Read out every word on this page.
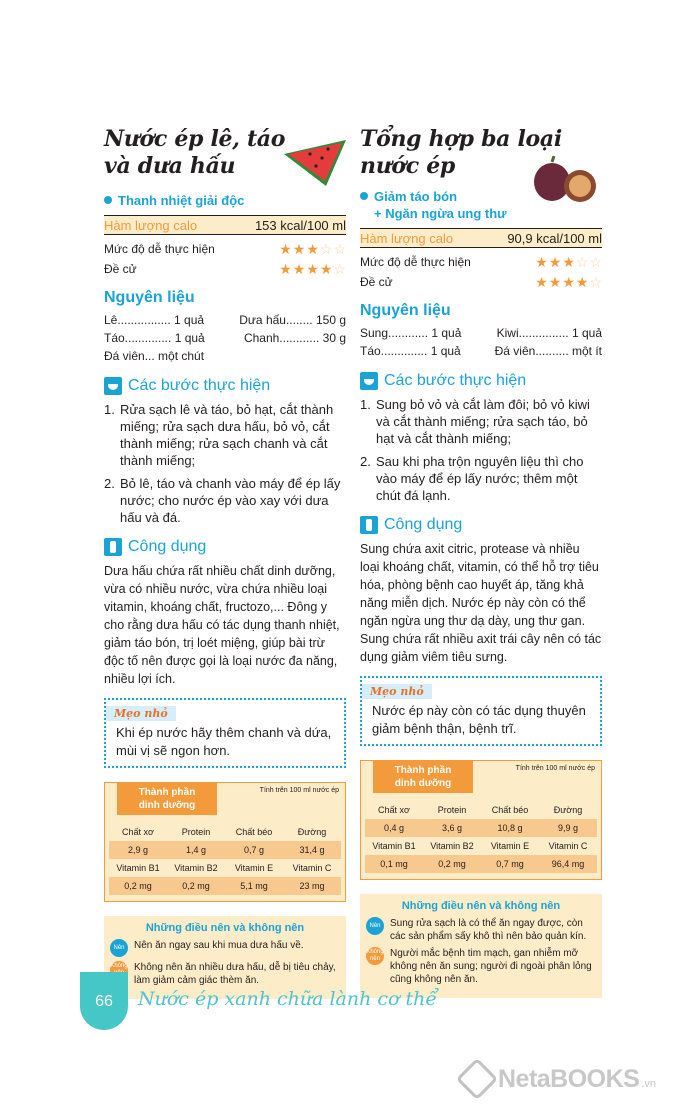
Nước ép lê, táo
và dưa hấu
Thanh nhiệt giải độc
Hàm lượng calo	153 kcal/100 ml
Mức độ dễ thực hiện	★ ★ ★ ☆ ☆
Đề cử	★ ★ ★ ★ ☆
Nguyên liệu
Lê................ 1 quả	Dưa hấu........ 150 g
Táo.............. 1 quả	Chanh............ 30 g
Đá viên... một chút
Các bước thực hiện
1. Rửa sạch lê và táo, bỏ hạt, cắt thành miếng; rửa sạch dưa hấu, bỏ vỏ, cắt thành miếng; rửa sạch chanh và cắt thành miếng;
2. Bỏ lê, táo và chanh vào máy để ép lấy nước; cho nước ép vào xay với dưa hấu và đá.
Công dụng
Dưa hấu chứa rất nhiều chất dinh dưỡng, vừa có nhiều nước, vừa chứa nhiều loại vitamin, khoáng chất, fructozo,... Đông y cho rằng dưa hấu có tác dụng thanh nhiệt, giảm táo bón, trị loét miệng, giúp bài trừ độc tố nên được gọi là loại nước đa năng, nhiều lợi ích.
Mẹo nhỏ
Khi ép nước hãy thêm chanh và dứa, mùi vị sẽ ngon hơn.
Thành phần
dinh dưỡng
Tính trên 100 ml nước ép
Chất xơ	Protein	Chất béo	Đường
2,9 g	1,4 g	0,7 g	31,4 g
Vitamin B1	Vitamin B2	Vitamin E	Vitamin C
0,2 mg	0,2 mg	5,1 mg	23 mg
Những điều nên và không nên
Nên Nên ăn ngay sau khi mua dưa hấu về.
Không Không nên ăn nhiều dưa hấu, dễ bị tiêu chảy, làm giảm cảm giác thèm ăn.
Tổng hợp ba loại nước ép
Giảm táo bón
+ Ngăn ngừa ung thư
Hàm lượng calo	90,9 kcal/100 ml
Mức độ dễ thực hiện	★ ★ ★ ☆ ☆
Đề cử	★ ★ ★ ★ ☆
Nguyên liệu
Sung............ 1 quả	Kiwi............... 1 quả
Táo.............. 1 quả	Đá viên.......... một ít
Các bước thực hiện
1. Sung bỏ vỏ và cắt làm đôi; bỏ vỏ kiwi và cắt thành miếng; rửa sạch táo, bỏ hạt và cắt thành miếng;
2. Sau khi pha trộn nguyên liệu thì cho vào máy để ép lấy nước; thêm một chút đá lạnh.
Công dụng
Sung chứa axit citric, protease và nhiều loại khoáng chất, vitamin, có thể hỗ trợ tiêu hóa, phòng bệnh cao huyết áp, tăng khả năng miễn dịch. Nước ép này còn có thể ngăn ngừa ung thư dạ dày, ung thư gan. Sung chứa rất nhiều axit trái cây nên có tác dụng giảm viêm tiêu sưng.
Mẹo nhỏ
Nước ép này còn có tác dụng thuyên giảm bệnh thận, bệnh trĩ.
Thành phần
dinh dưỡng
Tính trên 100 ml nước ép
Chất xơ	Protein	Chất béo	Đường
0,4 g	3,6 g	10,8 g	9,9 g
Vitamin B1	Vitamin B2	Vitamin E	Vitamin C
0,1 mg	0,2 mg	0,7 mg	96,4 mg
Những điều nên và không nên
Nên Sung rửa sạch là có thể ăn ngay được, còn các sản phẩm sấy khô thì nên bảo quản kín.
Không
nên	Người mắc bệnh tim mạch, gan nhiễm mỡ không nên ăn sung; người đi ngoài phân lỏng cũng không nên ăn.
66	Nước ép xanh chữa lành cơ thể
NetaBOOKS .vn
